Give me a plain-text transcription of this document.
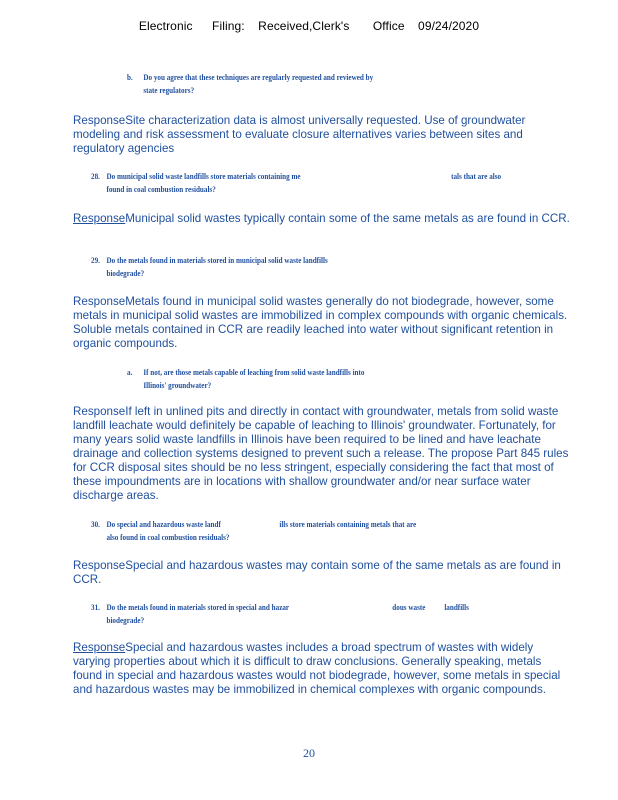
Electronic Filing: Received,Clerk's Office 09/24/2020
b. Do you agree that these techniques are regularly requested and reviewed by
state regulators?
ResponseSite characterization data is almost universally requested. Use of groundwater modeling and risk assessment to evaluate closure alternatives varies between sites and regulatory agencies
28. Do municipal solid waste landfills store materials containing me	tals that are also
found in coal combustion residuals?
ResponseMunicipal solid wastes typically contain some of the same metals as are found in CCR.
29. Do the metals found in materials stored in municipal solid waste landfills
biodegrade?
ResponseMetals found in municipal solid wastes generally do not biodegrade, however, some metals in municipal solid wastes are immobilized in complex compounds with organic chemicals. Soluble metals contained in CCR are readily leached into water without significant retention in organic compounds.
a. If not, are those metals capable of leaching from solid waste landfills into
Illinois' groundwater?
ResponseIf left in unlined pits and directly in contact with groundwater, metals from solid waste landfill leachate would definitely be capable of leaching to Illinois' groundwater. Fortunately, for many years solid waste landfills in Illinois have been required to be lined and have leachate drainage and collection systems designed to prevent such a release. The propose Part 845 rules for CCR disposal sites should be no less stringent, especially considering the fact that most of these impoundments are in locations with shallow groundwater and/or near surface water discharge areas.
30. Do special and hazardous waste landf	ills store materials containing metals that are
also found in coal combustion residuals?
ResponseSpecial and hazardous wastes may contain some of the same metals as are found in CCR.
31. Do the metals found in materials stored in special and hazar	dous waste landfills
biodegrade?
ResponseSpecial and hazardous wastes includes a broad spectrum of wastes with widely varying properties about which it is difficult to draw conclusions. Generally speaking, metals found in special and hazardous wastes would not biodegrade, however, some metals in special and hazardous wastes may be immobilized in chemical complexes with organic compounds.
20
